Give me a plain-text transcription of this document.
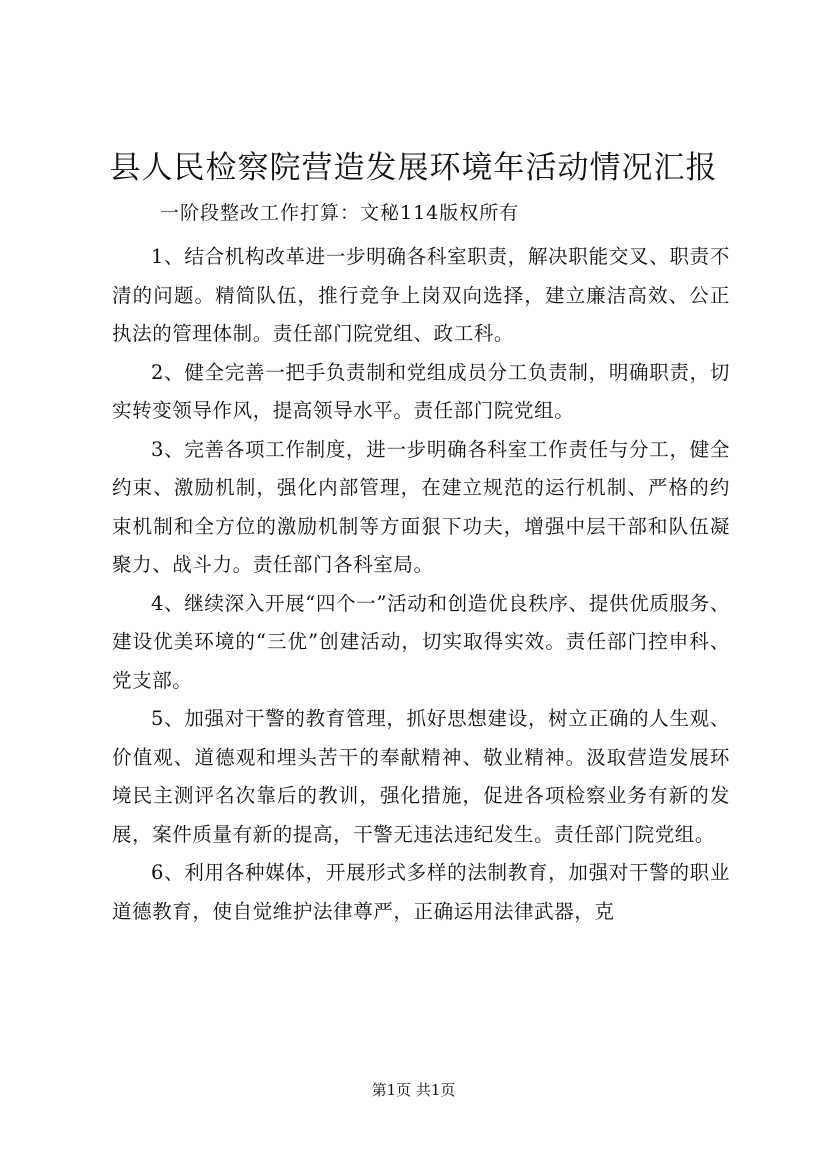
县人民检察院营造发展环境年活动情况汇报

一阶段整改工作打算：文秘114版权所有

1、结合机构改革进一步明确各科室职责，解决职能交叉、职责不清的问题。精简队伍，推行竞争上岗双向选择，建立廉洁高效、公正执法的管理体制。责任部门院党组、政工科。

2、健全完善一把手负责制和党组成员分工负责制，明确职责，切实转变领导作风，提高领导水平。责任部门院党组。

3、完善各项工作制度，进一步明确各科室工作责任与分工，健全约束、激励机制，强化内部管理，在建立规范的运行机制、严格的约束机制和全方位的激励机制等方面狠下功夫，增强中层干部和队伍凝聚力、战斗力。责任部门各科室局。

4、继续深入开展“四个一”活动和创造优良秩序、提供优质服务、建设优美环境的“三优”创建活动，切实取得实效。责任部门控申科、党支部。

5、加强对干警的教育管理，抓好思想建设，树立正确的人生观、价值观、道德观和埋头苦干的奉献精神、敬业精神。汲取营造发展环境民主测评名次靠后的教训，强化措施，促进各项检察业务有新的发展，案件质量有新的提高，干警无违法违纪发生。责任部门院党组。

6、利用各种媒体，开展形式多样的法制教育，加强对干警的职业道德教育，使自觉维护法律尊严，正确运用法律武器，克

第1页 共1页
